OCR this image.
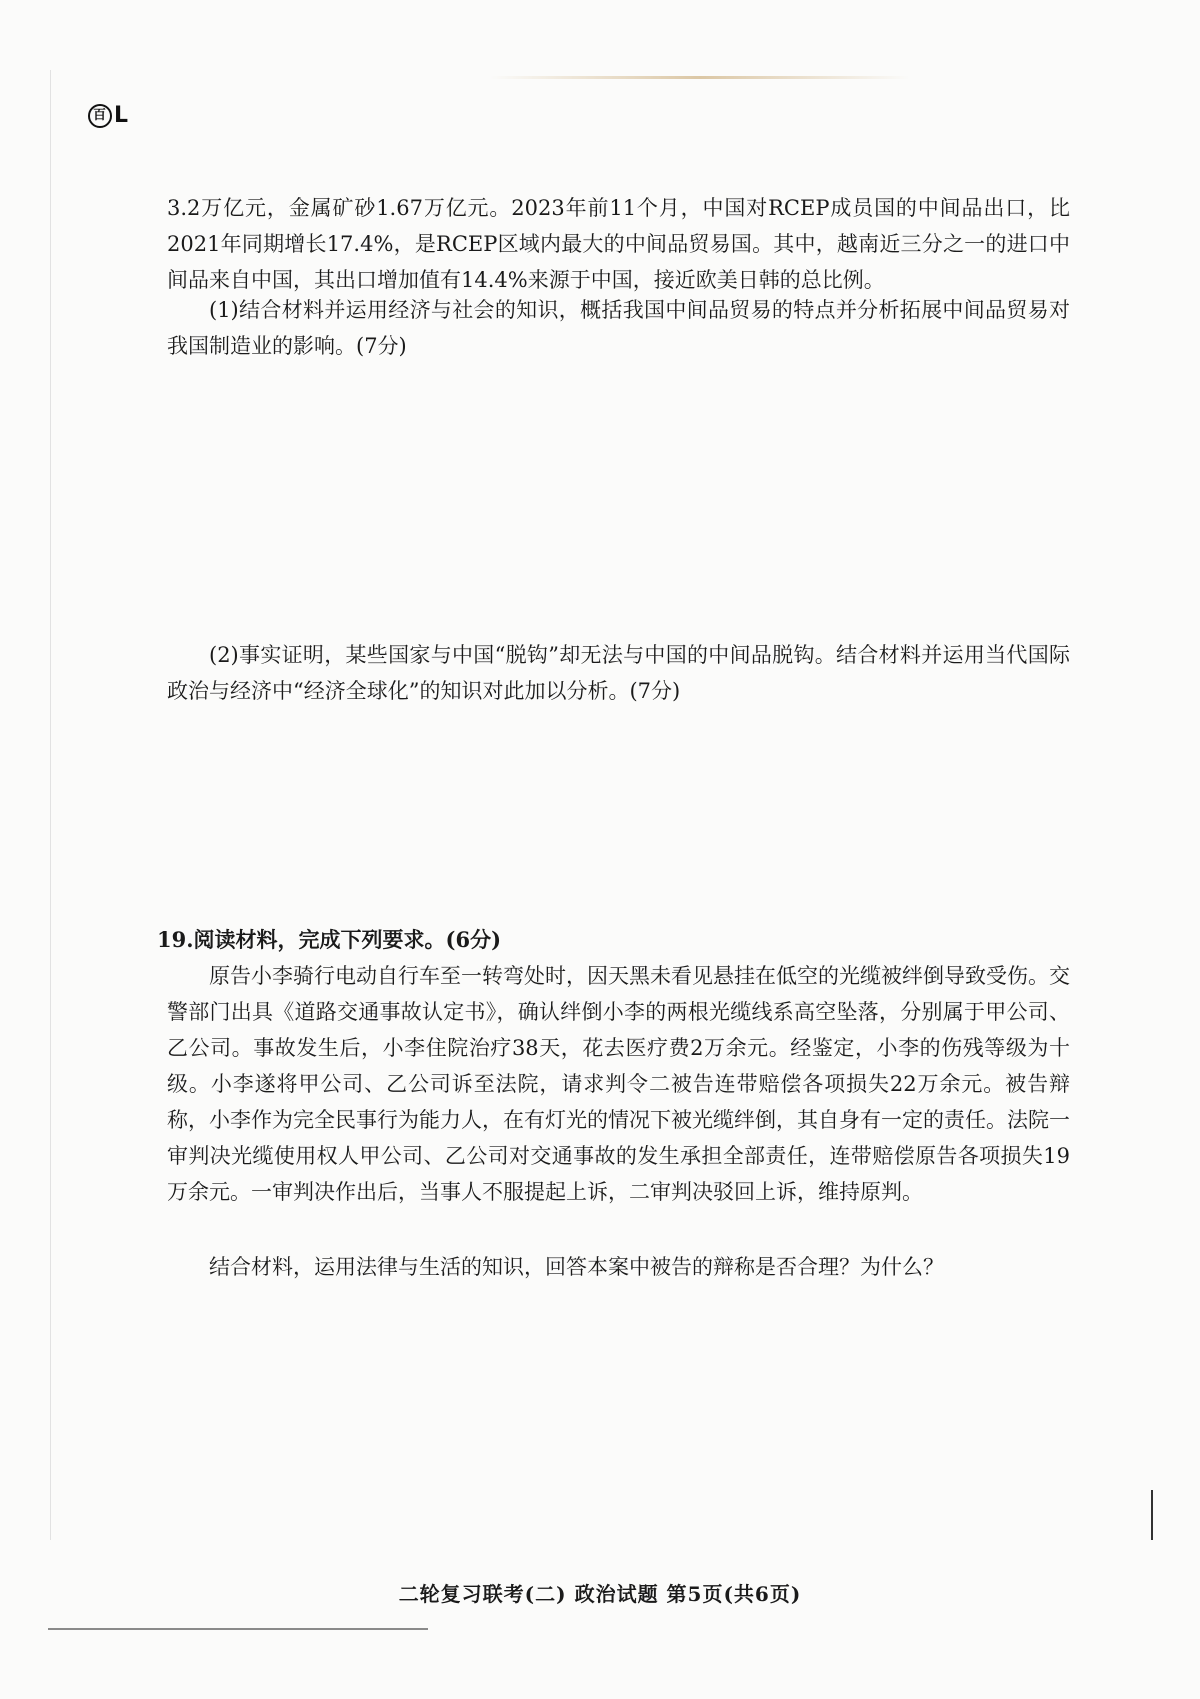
百 L

3.2万亿元，金属矿砂1.67万亿元。2023年前11个月，中国对RCEP成员国的中间品出口，比2021年同期增长17.4%，是RCEP区域内最大的中间品贸易国。其中，越南近三分之一的进口中间品来自中国，其出口增加值有14.4%来源于中国，接近欧美日韩的总比例。

(1)结合材料并运用经济与社会的知识，概括我国中间品贸易的特点并分析拓展中间品贸易对我国制造业的影响。(7分)

(2)事实证明，某些国家与中国“脱钩”却无法与中国的中间品脱钩。结合材料并运用当代国际政治与经济中“经济全球化”的知识对此加以分析。(7分)

19.阅读材料，完成下列要求。(6分)

原告小李骑行电动自行车至一转弯处时，因天黑未看见悬挂在低空的光缆被绊倒导致受伤。交警部门出具《道路交通事故认定书》，确认绊倒小李的两根光缆线系高空坠落，分别属于甲公司、乙公司。事故发生后，小李住院治疗38天，花去医疗费2万余元。经鉴定，小李的伤残等级为十级。小李遂将甲公司、乙公司诉至法院，请求判令二被告连带赔偿各项损失22万余元。被告辩称，小李作为完全民事行为能力人，在有灯光的情况下被光缆绊倒，其自身有一定的责任。法院一审判决光缆使用权人甲公司、乙公司对交通事故的发生承担全部责任，连带赔偿原告各项损失19万余元。一审判决作出后，当事人不服提起上诉，二审判决驳回上诉，维持原判。

结合材料，运用法律与生活的知识，回答本案中被告的辩称是否合理？为什么？

二轮复习联考(二) 政治试题 第5页(共6页)
